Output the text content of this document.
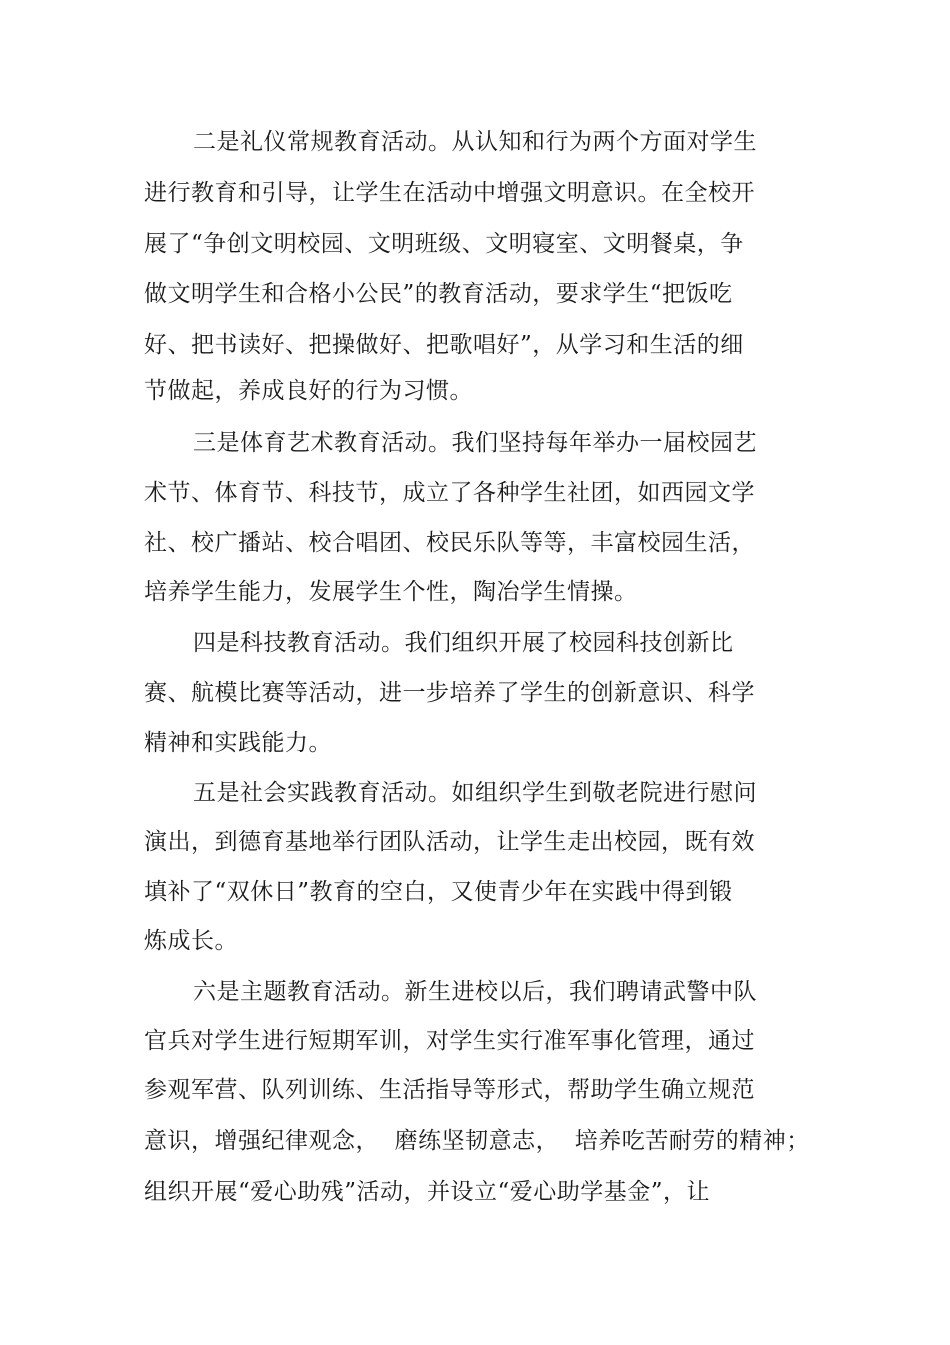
二是礼仪常规教育活动。从认知和行为两个方面对学生
进行教育和引导，让学生在活动中增强文明意识。在全校开
展了“争创文明校园、文明班级、文明寝室、文明餐桌，争
做文明学生和合格小公民”的教育活动，要求学生“把饭吃
好、把书读好、把操做好、把歌唱好”，从学习和生活的细
节做起，养成良好的行为习惯。
三是体育艺术教育活动。我们坚持每年举办一届校园艺
术节、体育节、科技节，成立了各种学生社团，如西园文学
社、校广播站、校合唱团、校民乐队等等，丰富校园生活，
培养学生能力，发展学生个性，陶冶学生情操。
四是科技教育活动。我们组织开展了校园科技创新比
赛、航模比赛等活动，进一步培养了学生的创新意识、科学
精神和实践能力。
五是社会实践教育活动。如组织学生到敬老院进行慰问
演出，到德育基地举行团队活动，让学生走出校园，既有效
填补了“双休日”教育的空白，又使青少年在实践中得到锻
炼成长。
六是主题教育活动。新生进校以后，我们聘请武警中队
官兵对学生进行短期军训，对学生实行准军事化管理，通过
参观军营、队列训练、生活指导等形式，帮助学生确立规范
意识，增强纪律观念，  磨练坚韧意志，  培养吃苦耐劳的精神；
组织开展“爱心助残”活动，并设立“爱心助学基金”，让
